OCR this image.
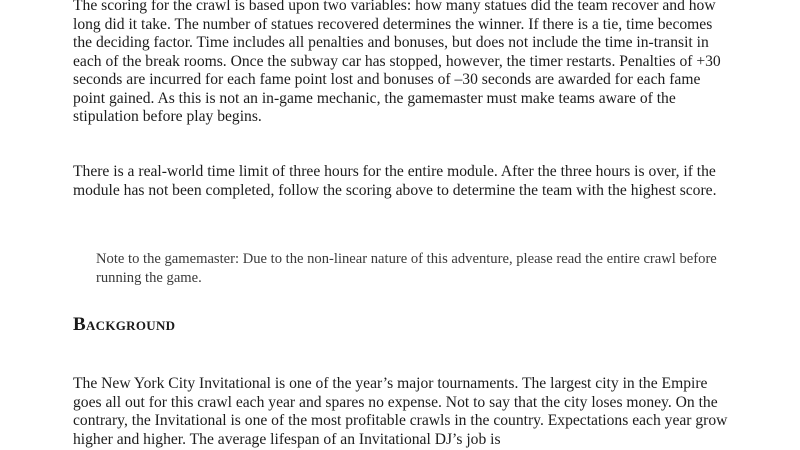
The scoring for the crawl is based upon two variables: how many statues did the team recover and how long did it take. The number of statues recovered determines the winner. If there is a tie, time becomes the deciding factor. Time includes all penalties and bonuses, but does not include the time in-transit in each of the break rooms. Once the subway car has stopped, however, the timer restarts. Penalties of +30 seconds are incurred for each fame point lost and bonuses of –30 seconds are awarded for each fame point gained. As this is not an in-game mechanic, the gamemaster must make teams aware of the stipulation before play begins.

There is a real-world time limit of three hours for the entire module. After the three hours is over, if the module has not been completed, follow the scoring above to determine the team with the highest score.

Note to the gamemaster: Due to the non-linear nature of this adventure, please read the entire crawl before running the game.

Background

The New York City Invitational is one of the year’s major tournaments. The largest city in the Empire goes all out for this crawl each year and spares no expense. Not to say that the city loses money. On the contrary, the Invitational is one of the most profitable crawls in the country. Expectations each year grow higher and higher. The average lifespan of an Invitational DJ’s job is
